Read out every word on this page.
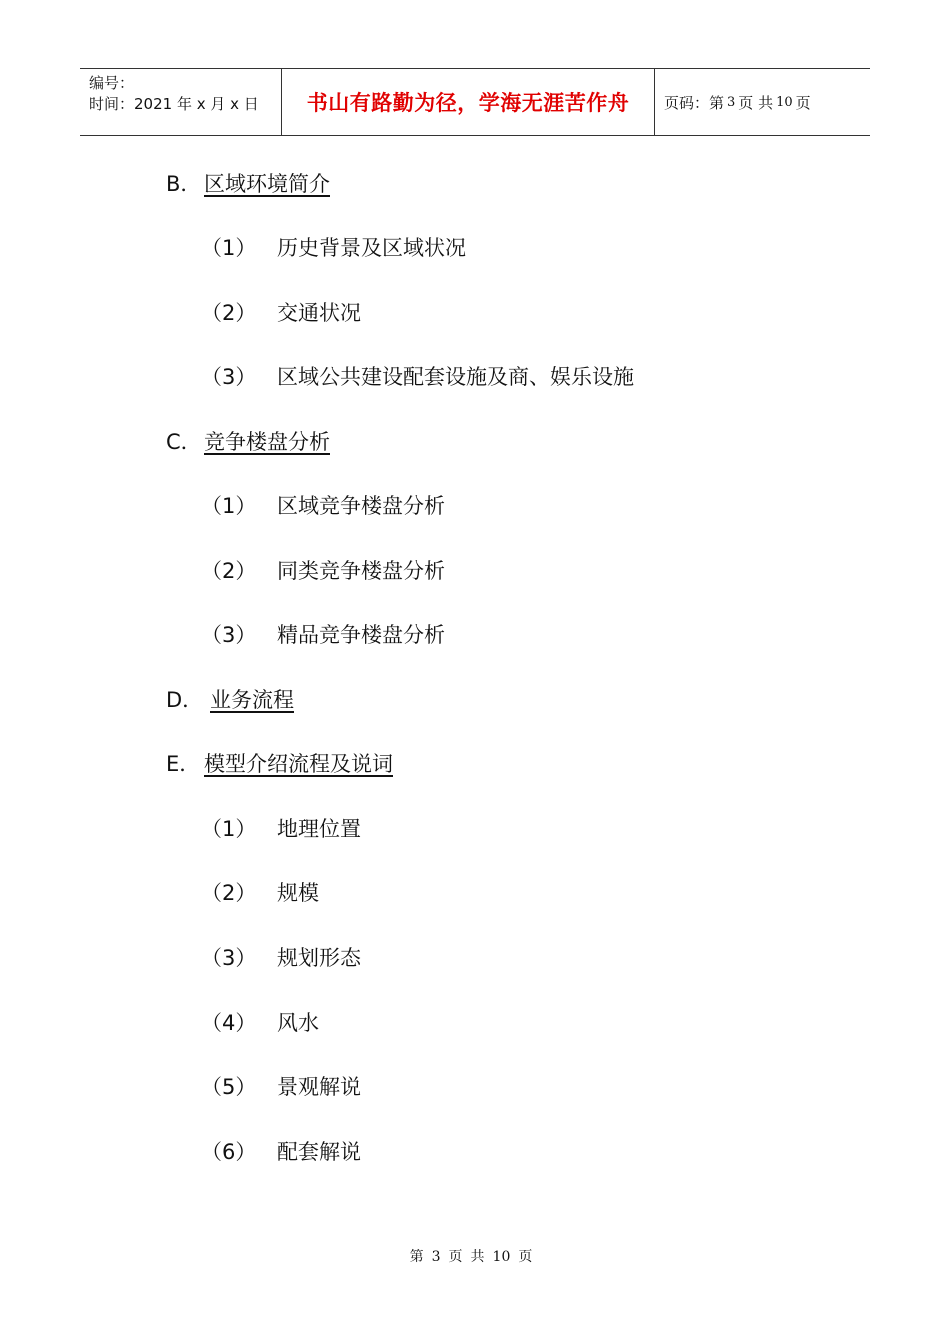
编号：
时间：2021 年 x 月 x 日	书山有路勤为径，学海无涯苦作舟	页码：第 3 页 共 10 页
B． 区域环境简介
（1） 历史背景及区域状况
（2） 交通状况
（3） 区域公共建设配套设施及商、娱乐设施
C． 竞争楼盘分析
（1） 区域竞争楼盘分析
（2） 同类竞争楼盘分析
（3） 精品竞争楼盘分析
D． 业务流程
E． 模型介绍流程及说词
（1） 地理位置
（2） 规模
（3） 规划形态
（4） 风水
（5） 景观解说
（6） 配套解说
第 3 页 共 10 页
